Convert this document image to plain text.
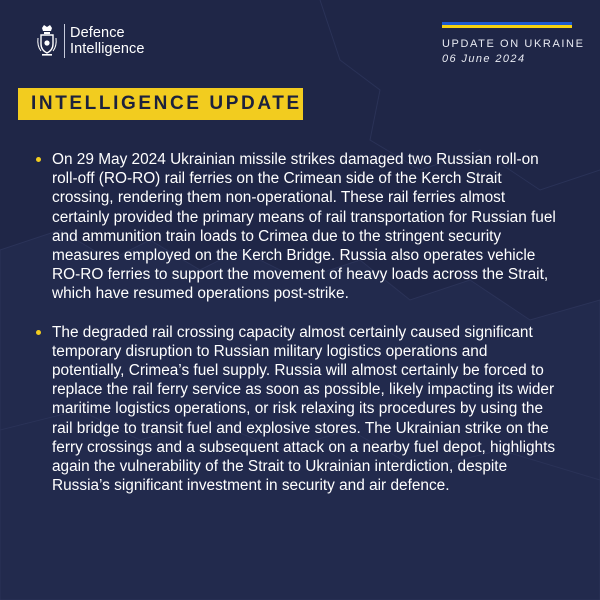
Defence
Intelligence	UPDATE ON UKRAINE
06 June 2024
INTELLIGENCE UPDATE
On 29 May 2024 Ukrainian missile strikes damaged two Russian roll-on roll-off (RO-RO) rail ferries on the Crimean side of the Kerch Strait crossing, rendering them non-operational. These rail ferries almost certainly provided the primary means of rail transportation for Russian fuel and ammunition train loads to Crimea due to the stringent security measures employed on the Kerch Bridge. Russia also operates vehicle RO-RO ferries to support the movement of heavy loads across the Strait, which have resumed operations post-strike.
The degraded rail crossing capacity almost certainly caused significant temporary disruption to Russian military logistics operations and potentially, Crimea’s fuel supply. Russia will almost certainly be forced to replace the rail ferry service as soon as possible, likely impacting its wider maritime logistics operations, or risk relaxing its procedures by using the rail bridge to transit fuel and explosive stores. The Ukrainian strike on the ferry crossings and a subsequent attack on a nearby fuel depot, highlights again the vulnerability of the Strait to Ukrainian interdiction, despite Russia’s significant investment in security and air defence.
